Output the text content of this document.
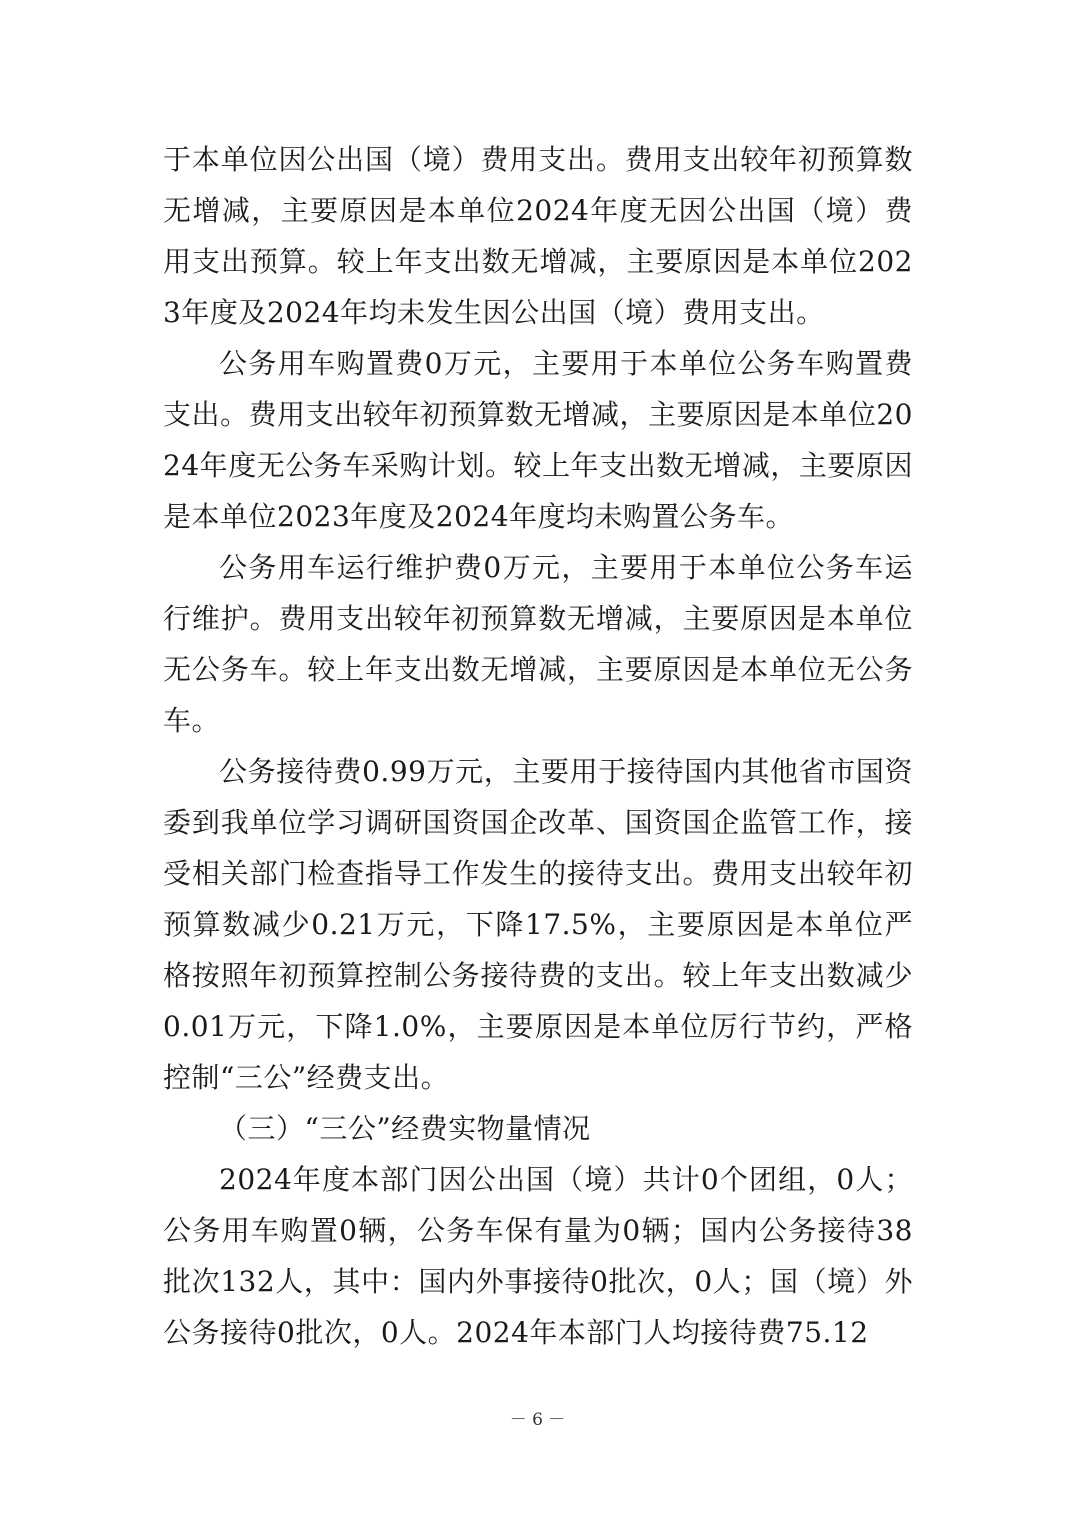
于本单位因公出国（境）费用支出。费用支出较年初预算数无增减，主要原因是本单位2024年度无因公出国（境）费用支出预算。较上年支出数无增减，主要原因是本单位2023年度及2024年均未发生因公出国（境）费用支出。

公务用车购置费0万元，主要用于本单位公务车购置费支出。费用支出较年初预算数无增减，主要原因是本单位2024年度无公务车采购计划。较上年支出数无增减，主要原因是本单位2023年度及2024年度均未购置公务车。

公务用车运行维护费0万元，主要用于本单位公务车运行维护。费用支出较年初预算数无增减，主要原因是本单位无公务车。较上年支出数无增减，主要原因是本单位无公务车。

公务接待费0.99万元，主要用于接待国内其他省市国资委到我单位学习调研国资国企改革、国资国企监管工作，接受相关部门检查指导工作发生的接待支出。费用支出较年初预算数减少0.21万元，下降17.5%，主要原因是本单位严格按照年初预算控制公务接待费的支出。较上年支出数减少0.01万元，下降1.0%，主要原因是本单位厉行节约，严格控制“三公”经费支出。

（三）“三公”经费实物量情况

2024年度本部门因公出国（境）共计0个团组，0人；公务用车购置0辆，公务车保有量为0辆；国内公务接待38批次132人，其中：国内外事接待0批次，0人；国（境）外公务接待0批次，0人。2024年本部门人均接待费75.12

－ 6 －
